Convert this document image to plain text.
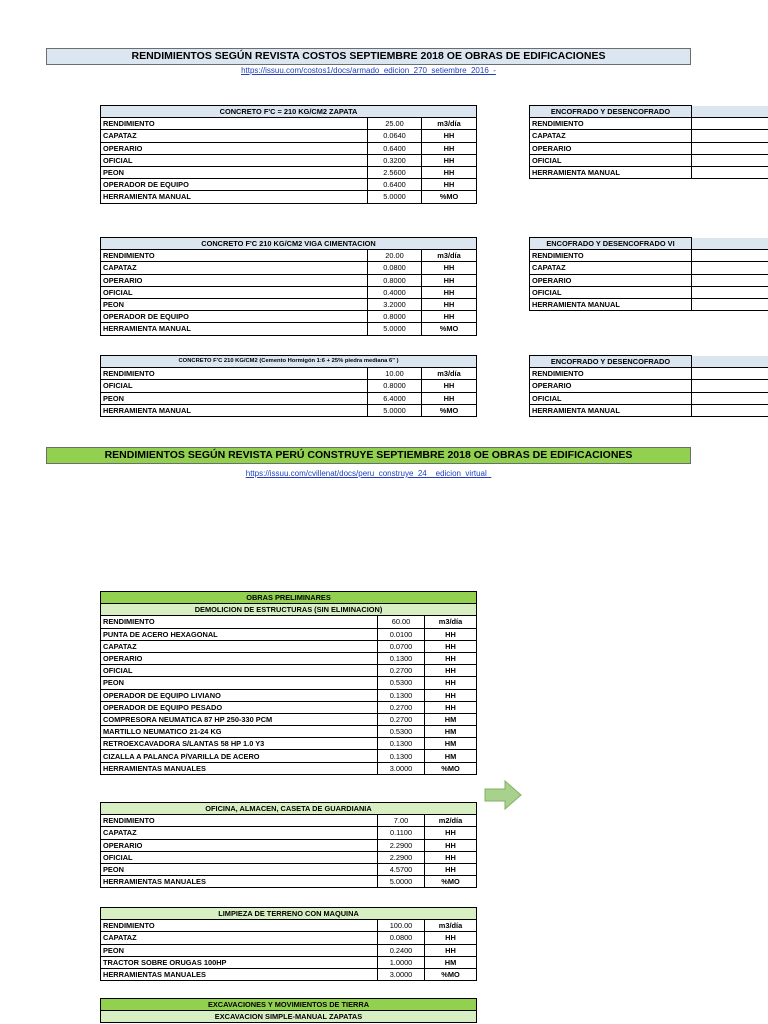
RENDIMIENTOS SEGÚN REVISTA COSTOS SEPTIEMBRE 2018 OE OBRAS DE EDIFICACIONES
https://issuu.com/costos1/docs/armado_edicion_270_setiembre_2016_-
CONCRETO F'C = 210 KG/CM2 ZAPATA		
RENDIMIENTO	25.00	m3/día
CAPATAZ	0.0640	HH
OPERARIO	0.6400	HH
OFICIAL	0.3200	HH
PEON	2.5600	HH
OPERADOR DE EQUIPO	0.6400	HH
HERRAMIENTA MANUAL	5.0000	%MO
CONCRETO F'C 210 KG/CM2 VIGA CIMENTACION		
RENDIMIENTO	20.00	m3/día
CAPATAZ	0.0800	HH
OPERARIO	0.8000	HH
OFICIAL	0.4000	HH
PEON	3.2000	HH
OPERADOR DE EQUIPO	0.8000	HH
HERRAMIENTA MANUAL	5.0000	%MO
CONCRETO F'C 210 KG/CM2 (Cemento Hormigón 1:6 + 25% piedra mediana 6" )		
RENDIMIENTO	10.00	m3/día
OFICIAL	0.8000	HH
PEON	6.4000	HH
HERRAMIENTA MANUAL	5.0000	%MO
ENCOFRADO Y DESENCOFRADO	
RENDIMIENTO	
CAPATAZ	
OPERARIO	
OFICIAL	
HERRAMIENTA MANUAL	
ENCOFRADO Y DESENCOFRADO VI	
RENDIMIENTO	
CAPATAZ	
OPERARIO	
OFICIAL	
HERRAMIENTA MANUAL	
ENCOFRADO Y DESENCOFRADO	
RENDIMIENTO	
OPERARIO	
OFICIAL	
HERRAMIENTA MANUAL	
RENDIMIENTOS SEGÚN REVISTA PERÚ CONSTRUYE SEPTIEMBRE 2018 OE OBRAS DE EDIFICACIONES
https://issuu.com/cvillenat/docs/peru_construye_24__edicion_virtual_
OBRAS PRELIMINARES		
DEMOLICION DE ESTRUCTURAS (SIN ELIMINACION)		
RENDIMIENTO	60.00	m3/día
PUNTA DE ACERO HEXAGONAL	0.0100	HH
CAPATAZ	0.0700	HH
OPERARIO	0.1300	HH
OFICIAL	0.2700	HH
PEON	0.5300	HH
OPERADOR DE EQUIPO LIVIANO	0.1300	HH
OPERADOR DE EQUIPO PESADO	0.2700	HH
COMPRESORA NEUMATICA 87 HP 250-330 PCM	0.2700	HM
MARTILLO NEUMATICO 21-24 KG	0.5300	HM
RETROEXCAVADORA S/LANTAS 58 HP 1.0 Y3	0.1300	HM
CIZALLA A PALANCA P/VARILLA DE ACERO	0.1300	HM
HERRAMIENTAS MANUALES	3.0000	%MO
OFICINA, ALMACEN, CASETA DE GUARDIANIA		
RENDIMIENTO	7.00	m2/día
CAPATAZ	0.1100	HH
OPERARIO	2.2900	HH
OFICIAL	2.2900	HH
PEON	4.5700	HH
HERRAMIENTAS MANUALES	5.0000	%MO
LIMPIEZA DE TERRENO CON MAQUINA		
RENDIMIENTO	100.00	m3/día
CAPATAZ	0.0800	HH
PEON	0.2400	HH
TRACTOR SOBRE ORUGAS 100HP	1.0000	HM
HERRAMIENTAS MANUALES	3.0000	%MO
EXCAVACIONES Y MOVIMIENTOS DE TIERRA
EXCAVACION SIMPLE-MANUAL ZAPATAS
